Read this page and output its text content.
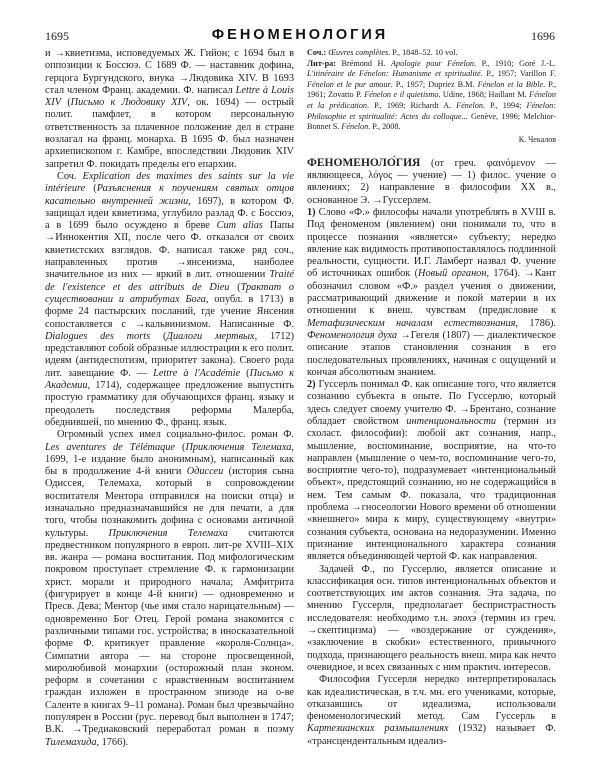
1695	ФЕНОМЕНОЛОГИЯ	1696

и →квиетизма, исповедуемых Ж. Гийон; с 1694 был в оппозиции к Боссюэ. С 1689 Ф. — наставник дофина, герцога Бургундского, внука →Людовика XIV. В 1693 стал членом Франц. академии. Ф. написал Lettre à Louis XIV (Письмо к Людовику XIV, ок. 1694) — острый полит. памфлет, в котором персональную ответственность за плачевное положение дел в стране возлагал на франц. монарха. В 1695 Ф. был назначен архиепископом г. Камбре, впоследствии Людовик XIV запретил Ф. покидать пределы его епархии.

Соч. Explication des maximes des saints sur la vie intérieure (Разъяснения к поучениям святых отцов касательно внутренней жизни, 1697), в котором Ф. защищал идеи квиетизма, углубило разлад Ф. с Боссюэ, а в 1699 было осуждено в бреве Cum alias Папы →Иннокентия XII, после чего Ф. отказался от своих квиетистских взглядов. Ф. написал также ряд соч., направленных против →янсенизма, наиболее значительное из них — яркий в лит. отношении Traité de l'existence et des attributs de Dieu (Трактат о существовании и атрибутах Бога, опубл. в 1713) в форме 24 пастырских посланий, где учение Янсения сопоставляется с →кальвинизмом. Написанные Ф. Dialogues des morts (Диалоги мертвых, 1712) представляют собой образные иллюстрации к его полит. идеям (антидеспотизм, приоритет закона). Своего рода лит. завещание Ф. — Lettre à l'Académie (Письмо к Академии, 1714), содержащее предложение выпустить простую грамматику для обучающихся франц. языку и преодолеть последствия реформы Малерба, обеднившей, по мнению Ф., франц. язык.

Огромный успех имел социально-филос. роман Ф. Les aventures de Télémaque (Приключения Телемаха, 1699, 1-е издание было анонимным), написанный как бы в продолжение 4-й книги Одиссеи (история сына Одиссея, Телемаха, который в сопровождении воспитателя Ментора отправился на поиски отца) и изначально предназначавшийся не для печати, а для того, чтобы познакомить дофина с основами античной культуры. Приключения Телемаха считаются предвестником популярного в европ. лит-ре XVIII–XIX вв. жанра — романа воспитания. Под мифологическим покровом проступает стремление Ф. к гармонизации христ. морали и природного начала; Амфитрита (фигурирует в конце 4-й книги) — одновременно и Пресв. Дева; Ментор (чье имя стало нарицательным) — одновременно Бог Отец. Герой романа знакомится с различными типами гос. устройства; в иносказательной форме Ф. критикует правление «короля-Солнца». Симпатии автора — на стороне просвещенной, миролюбивой монархии (осторожный план эконом. реформ в сочетании с нравственным воспитанием граждан изложен в пространном эпизоде на о-ве Саленте в книгах 9–11 романа). Роман был чрезвычайно популярен в России (рус. перевод был выполнен в 1747; В.К. →Тредиаковский переработал роман в поэму Тилемахида, 1766).

Соч.: Œuvres complètes. P., 1848–52. 10 vol.

Лит-ра: Brémond H. Apologie pour Fénelon. P., 1910; Goré J.-L. L'itinéraire de Fénelon: Humanisme et spiritualité. P., 1957; Varillon F. Fénelon et le pur amour. P., 1957; Dupriez B.M. Fénelon et la Bible. P., 1961; Zovatto P. Fénelon e il quietismo. Udine, 1968; Haillant M. Fénelon et la prédication. P., 1969; Richardt A. Fénelon. P., 1994; Fénelon: Philosophie et spiritualité: Actes du colloque... Genève, 1996; Melchior-Bonnet S. Fénelon. P., 2008.

К. Чекалов

ФЕНОМЕНОЛО́ГИЯ (от греч. φαινόμενον — являющееся, λόγος — учение) — 1) филос. учение о явлениях; 2) направление в философии XX в., основанное Э. →Гуссерлем.

1) Слово «Ф.» философы начали употреблять в XVIII в. Под феноменом (явлением) они понимали то, что в процессе познания «является» субъекту; нередко явление как видимость противопоставлялось подлинной реальности, сущности. И.Г. Ламберт назвал Ф. учение об источниках ошибок (Новый органон, 1764). →Кант обозначил словом «Ф.» раздел учения о движении, рассматривающий движение и покой материи в их отношении к внеш. чувствам (предисловие к Метафизическим началам естествознания, 1786). Феноменология духа →Гегеля (1807) — диалектическое описание этапов становления сознания в его последовательных проявлениях, начиная с ощущений и кончая абсолютным знанием.

2) Гуссерль понимал Ф. как описание того, что является сознанию субъекта в опыте. По Гуссерлю, который здесь следует своему учителю Ф. →Брентано, сознание обладает свойством интенциональности (термин из схоласт. философии): любой акт сознания, напр., мышление, воспоминание, восприятие, на что-то направлен (мышление о чем-то, воспоминание чего-то, восприятие чего-то), подразумевает «интенциональный объект», предстоящий сознанию, но не содержащийся в нем. Тем самым Ф. показала, что традиционная проблема →гносеологии Нового времени об отношении «внешнего» мира к миру, существующему «внутри» сознания субъекта, основана на недоразумении. Именно признание интенционального характера сознания является объединяющей чертой Ф. как направления.

Задачей Ф., по Гуссерлю, является описание и классификация осн. типов интенциональных объектов и соответствующих им актов сознания. Эта задача, по мнению Гуссерля, предполагает беспристрастность исследователя: необходимо т.н. эпохэ́ (термин из греч. →скептицизма) — «воздержание от суждения», «заключение в скобки» естественного, привычного подхода, признающего реальность внеш. мира как нечто очевидное, и всех связанных с ним практич. интересов.

Философия Гуссерля нередко интерпретировалась как идеалистическая, в т.ч. мн. его учениками, которые, отказавшись от идеализма, использовали феноменологический метод. Сам Гуссерль в Картезианских размышлениях (1932) называет Ф. «трансцендентальным идеализ-
